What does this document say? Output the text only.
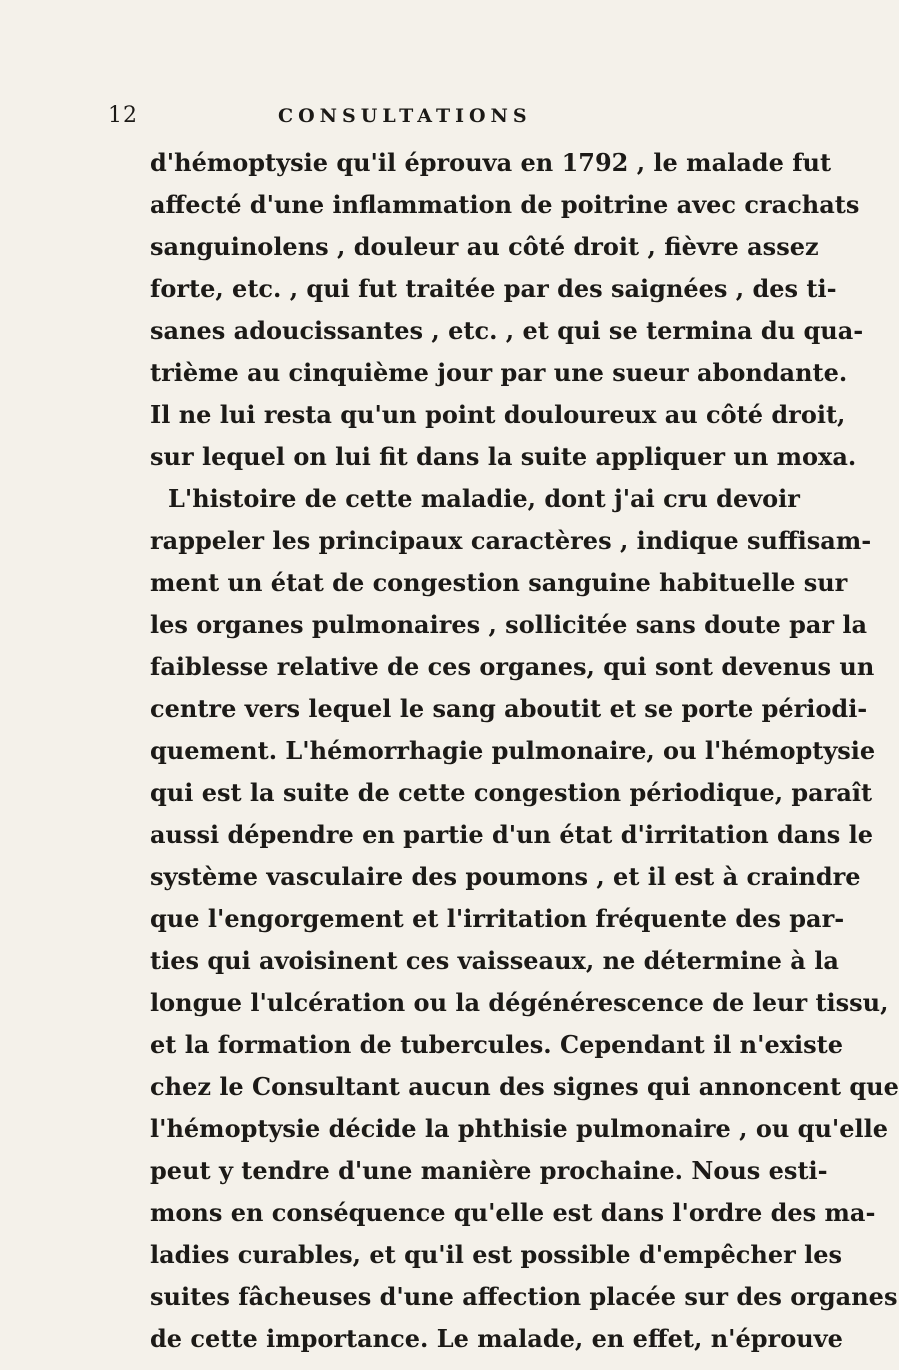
12	CONSULTATIONS
d'hémoptysie qu'il éprouva en 1792 , le malade fut
affecté d'une inflammation de poitrine avec crachats
sanguinolens , douleur au côté droit , fièvre assez
forte, etc. , qui fut traitée par des saignées , des ti-
sanes adoucissantes , etc. , et qui se termina du qua-
trième au cinquième jour par une sueur abondante.
Il ne lui resta qu'un point douloureux au côté droit,
sur lequel on lui fit dans la suite appliquer un moxa.
L'histoire de cette maladie, dont j'ai cru devoir
rappeler les principaux caractères , indique suffisam-
ment un état de congestion sanguine habituelle sur
les organes pulmonaires , sollicitée sans doute par la
faiblesse relative de ces organes, qui sont devenus un
centre vers lequel le sang aboutit et se porte périodi-
quement. L'hémorrhagie pulmonaire, ou l'hémoptysie
qui est la suite de cette congestion périodique, paraît
aussi dépendre en partie d'un état d'irritation dans le
système vasculaire des poumons , et il est à craindre
que l'engorgement et l'irritation fréquente des par-
ties qui avoisinent ces vaisseaux, ne détermine à la
longue l'ulcération ou la dégénérescence de leur tissu,
et la formation de tubercules. Cependant il n'existe
chez le Consultant aucun des signes qui annoncent que
l'hémoptysie décide la phthisie pulmonaire , ou qu'elle
peut y tendre d'une manière prochaine. Nous esti-
mons en conséquence qu'elle est dans l'ordre des ma-
ladies curables, et qu'il est possible d'empêcher les
suites fâcheuses d'une affection placée sur des organes
de cette importance. Le malade, en effet, n'éprouve
